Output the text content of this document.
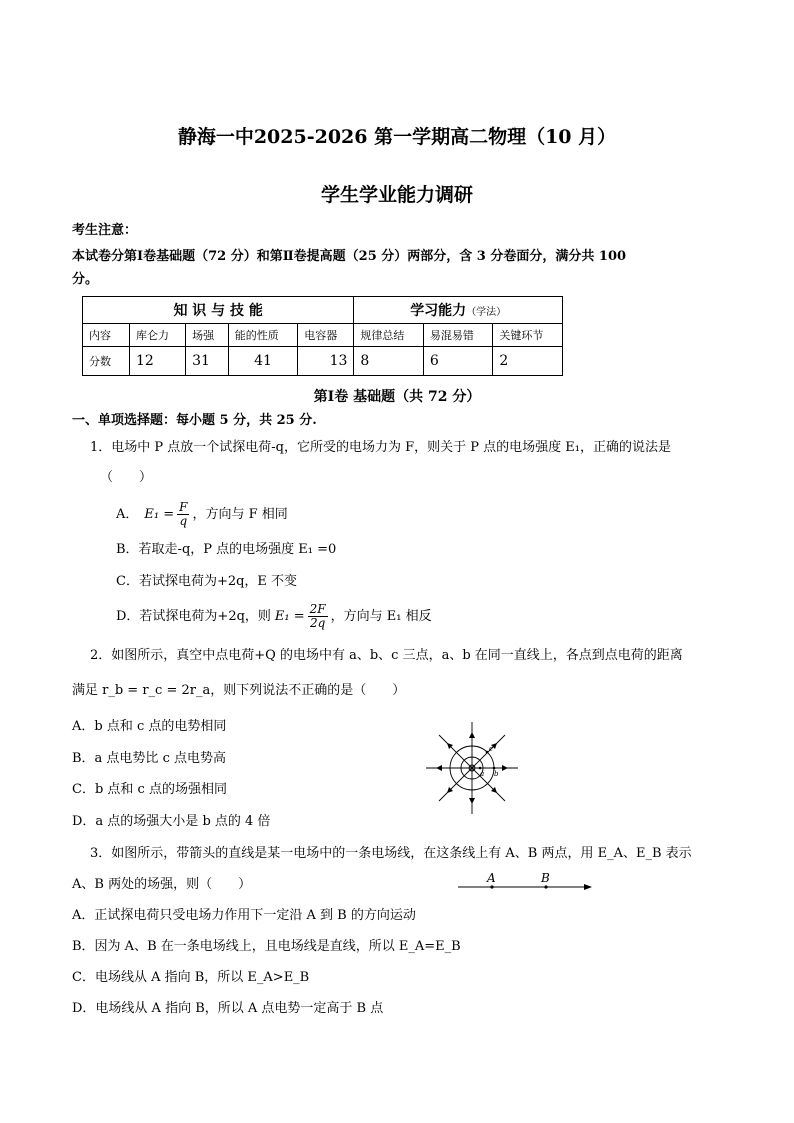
静海一中2025-2026 第一学期高二物理（10 月）
学生学业能力调研
考生注意：
本试卷分第Ⅰ卷基础题（72 分）和第Ⅱ卷提高题（25 分）两部分，含 3 分卷面分，满分共 100
分。
知 识 与 技 能					学习能力（学法）		
内容	库仑力	场强	能的性质	电容器	规律总结	易混易错	关键环节
分数	12	31	41	13	8	6	2
第Ⅰ卷 基础题（共 72 分）
一、单项选择题：每小题 5 分，共 25 分.
1．电场中 P 点放一个试探电荷-q，它所受的电场力为 F，则关于 P 点的电场强度 E₁，正确的说法是
（　　）
A． $E_1 = \frac{F}{q}$ ，方向与 F 相同
B．若取走-q，P 点的电场强度 E₁ =0
C．若试探电荷为+2q，E 不变
D．若试探电荷为+2q，则 $E_1 = \frac{2F}{2q}$ ，方向与 E₁ 相反
2．如图所示，真空中点电荷+Q 的电场中有 a、b、c 三点，a、b 在同一直线上，各点到点电荷的距离
满足 r_b = r_c = 2r_a，则下列说法不正确的是（　　）
A．b 点和 c 点的电势相同
B．a 点电势比 c 点电势高
C．b 点和 c 点的场强相同
D．a 点的场强大小是 b 点的 4 倍
a b
c
3．如图所示，带箭头的直线是某一电场中的一条电场线，在这条线上有 A、B 两点，用 E_A、E_B 表示
A、B 两处的场强，则（　　）	A	B
A．正试探电荷只受电场力作用下一定沿 A 到 B 的方向运动
B．因为 A、B 在一条电场线上，且电场线是直线，所以 E_A=E_B
C．电场线从 A 指向 B，所以 E_A>E_B
D．电场线从 A 指向 B，所以 A 点电势一定高于 B 点
